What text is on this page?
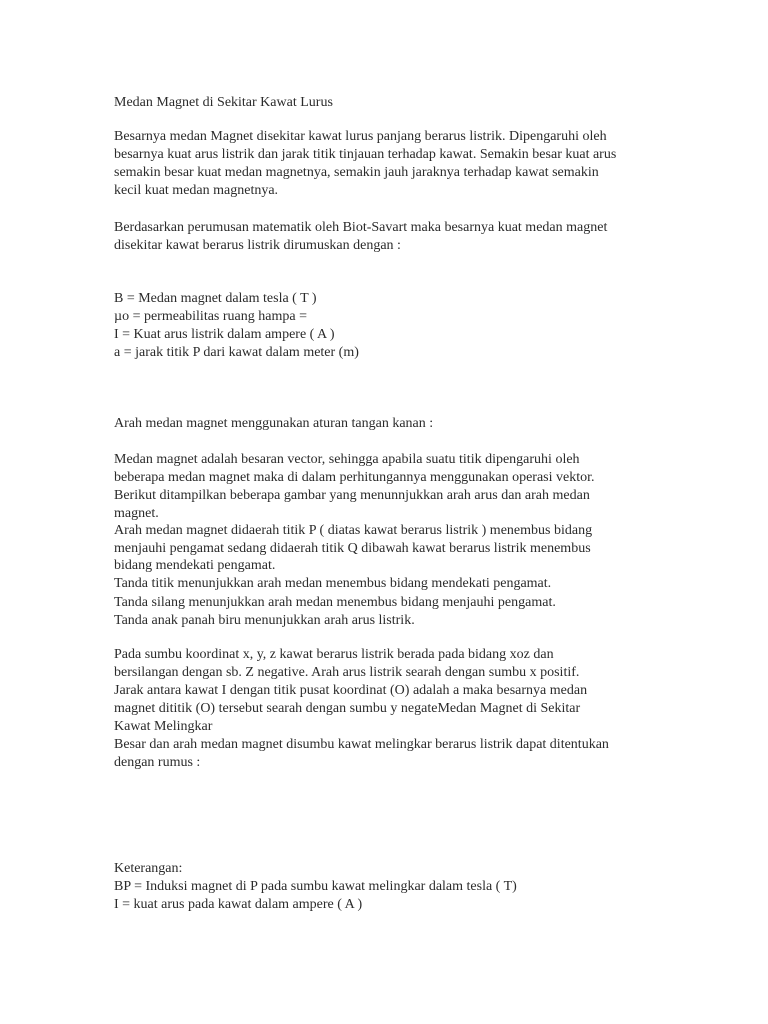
Medan Magnet di Sekitar Kawat Lurus
Besarnya medan Magnet disekitar kawat lurus panjang berarus listrik. Dipengaruhi oleh
besarnya kuat arus listrik dan jarak titik tinjauan terhadap kawat. Semakin besar kuat arus
semakin besar kuat medan magnetnya, semakin jauh jaraknya terhadap kawat semakin
kecil kuat medan magnetnya.
Berdasarkan perumusan matematik oleh Biot-Savart maka besarnya kuat medan magnet
disekitar kawat berarus listrik dirumuskan dengan :
B = Medan magnet dalam tesla ( T )
µo = permeabilitas ruang hampa =
I = Kuat arus listrik dalam ampere ( A )
a = jarak titik P dari kawat dalam meter (m)
Arah medan magnet menggunakan aturan tangan kanan :
Medan magnet adalah besaran vector, sehingga apabila suatu titik dipengaruhi oleh
beberapa medan magnet maka di dalam perhitungannya menggunakan operasi vektor.
Berikut ditampilkan beberapa gambar yang menunnjukkan arah arus dan arah medan
magnet.
Arah medan magnet didaerah titik P ( diatas kawat berarus listrik ) menembus bidang
menjauhi pengamat sedang didaerah titik Q dibawah kawat berarus listrik menembus
bidang mendekati pengamat.
Tanda titik menunjukkan arah medan menembus bidang mendekati pengamat.
Tanda silang menunjukkan arah medan menembus bidang menjauhi pengamat.
Tanda anak panah biru menunjukkan arah arus listrik.
Pada sumbu koordinat x, y, z kawat berarus listrik berada pada bidang xoz dan
bersilangan dengan sb. Z negative. Arah arus listrik searah dengan sumbu x positif.
Jarak antara kawat I dengan titik pusat koordinat (O) adalah a maka besarnya medan
magnet dititik (O) tersebut searah dengan sumbu y negateMedan Magnet di Sekitar
Kawat Melingkar
Besar dan arah medan magnet disumbu kawat melingkar berarus listrik dapat ditentukan
dengan rumus :
Keterangan:
BP = Induksi magnet di P pada sumbu kawat melingkar dalam tesla ( T)
I = kuat arus pada kawat dalam ampere ( A )
